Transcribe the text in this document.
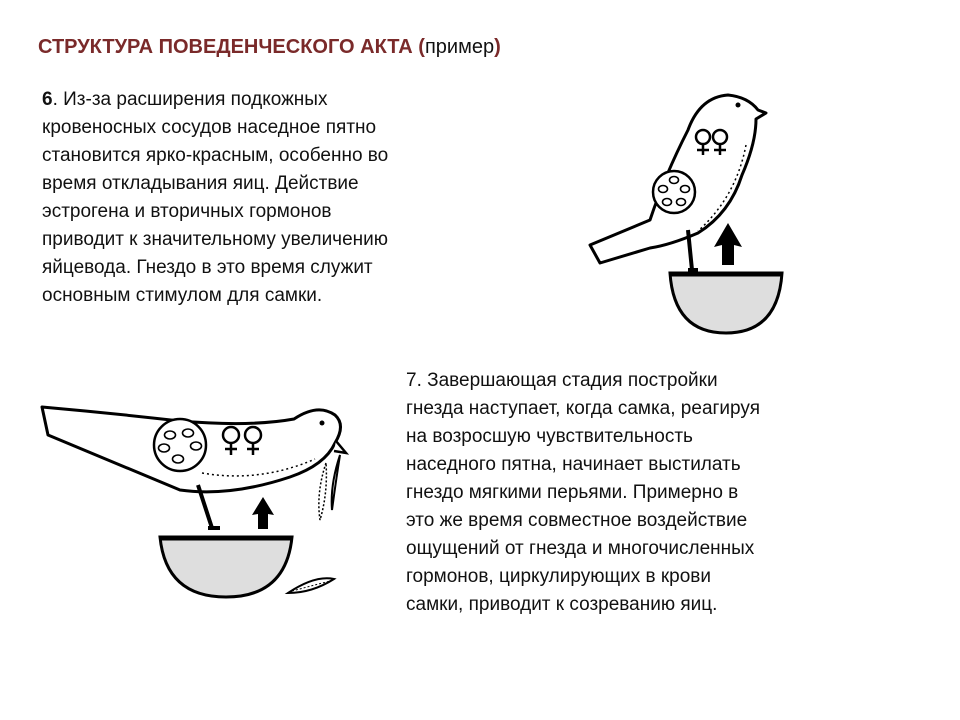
СТРУКТУРА ПОВЕДЕНЧЕСКОГО АКТА (пример)
6. Из-за расширения подкожных
кровеносных сосудов наседное пятно
становится ярко-красным, особенно во
время откладывания яиц. Действие
эстрогена и вторичных гормонов
приводит к значительному увеличению
яйцевода. Гнездо в это время служит
основным стимулом для самки.
7. Завершающая стадия постройки
гнезда наступает, когда самка, реагируя
на возросшую чувствительность
наседного пятна, начинает выстилать
гнездо мягкими перьями. Примерно в
это же время совместное воздействие
ощущений от гнезда и многочисленных
гормонов, циркулирующих в крови
самки, приводит к созреванию яиц.
